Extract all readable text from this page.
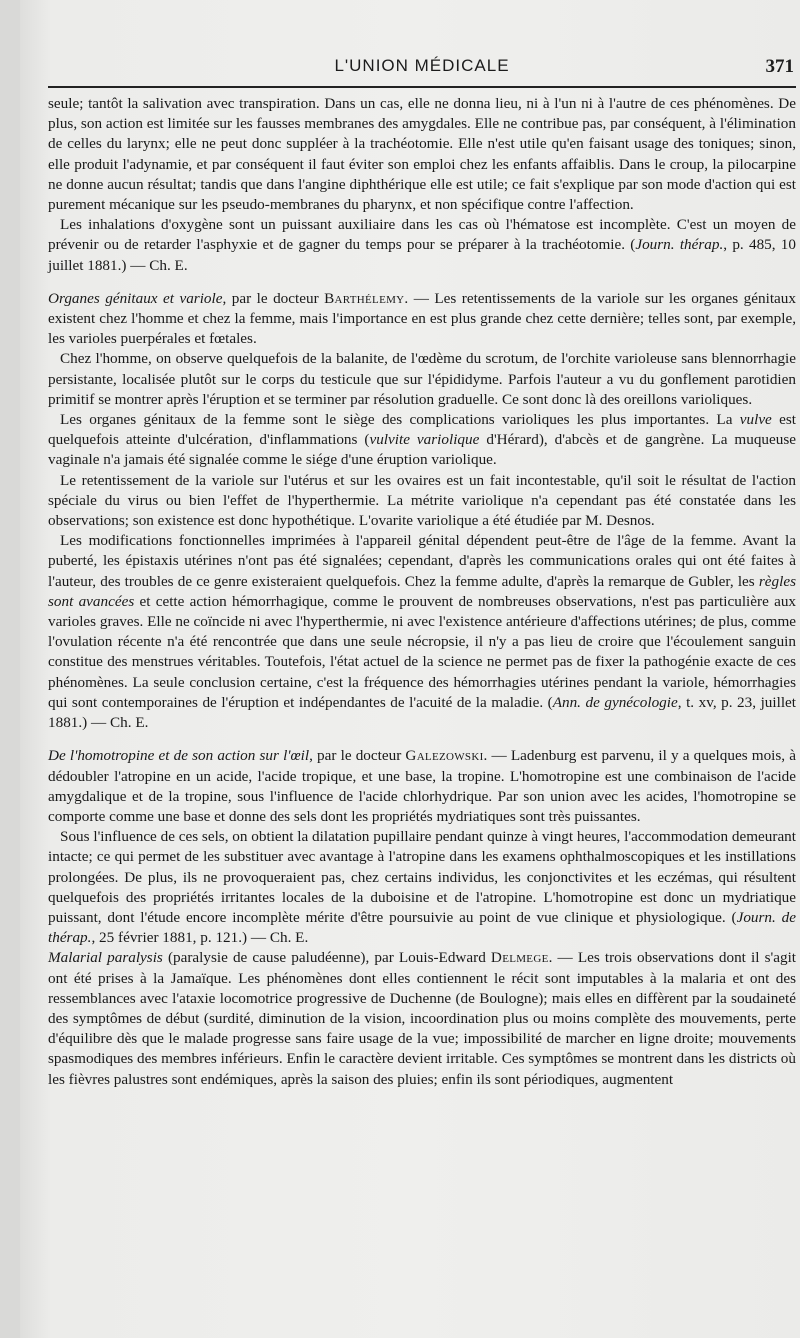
L'UNION MÉDICALE	371

seule; tantôt la salivation avec transpiration. Dans un cas, elle ne donna lieu, ni à l'un ni à l'autre de ces phénomènes. De plus, son action est limitée sur les fausses membranes des amygdales. Elle ne contribue pas, par conséquent, à l'élimination de celles du larynx; elle ne peut donc suppléer à la trachéotomie. Elle n'est utile qu'en faisant usage des toniques; sinon, elle produit l'adynamie, et par conséquent il faut éviter son emploi chez les enfants affaiblis. Dans le croup, la pilocarpine ne donne aucun résultat; tandis que dans l'angine diphthérique elle est utile; ce fait s'explique par son mode d'action qui est purement mécanique sur les pseudo-membranes du pharynx, et non spécifique contre l'affection.

Les inhalations d'oxygène sont un puissant auxiliaire dans les cas où l'hématose est incomplète. C'est un moyen de prévenir ou de retarder l'asphyxie et de gagner du temps pour se préparer à la trachéotomie. (Journ. thérap., p. 485, 10 juillet 1881.) — Ch. E.

Organes génitaux et variole, par le docteur Barthélemy. — Les retentissements de la variole sur les organes génitaux existent chez l'homme et chez la femme, mais l'importance en est plus grande chez cette dernière; telles sont, par exemple, les varioles puerpérales et fœtales.

Chez l'homme, on observe quelquefois de la balanite, de l'œdème du scrotum, de l'orchite varioleuse sans blennorrhagie persistante, localisée plutôt sur le corps du testicule que sur l'épididyme. Parfois l'auteur a vu du gonflement parotidien primitif se montrer après l'éruption et se terminer par résolution graduelle. Ce sont donc là des oreillons varioliques.

Les organes génitaux de la femme sont le siège des complications varioliques les plus importantes. La vulve est quelquefois atteinte d'ulcération, d'inflammations (vulvite variolique d'Hérard), d'abcès et de gangrène. La muqueuse vaginale n'a jamais été signalée comme le siége d'une éruption variolique.

Le retentissement de la variole sur l'utérus et sur les ovaires est un fait incontestable, qu'il soit le résultat de l'action spéciale du virus ou bien l'effet de l'hyperthermie. La métrite variolique n'a cependant pas été constatée dans les observations; son existence est donc hypothétique. L'ovarite variolique a été étudiée par M. Desnos.

Les modifications fonctionnelles imprimées à l'appareil génital dépendent peut-être de l'âge de la femme. Avant la puberté, les épistaxis utérines n'ont pas été signalées; cependant, d'après les communications orales qui ont été faites à l'auteur, des troubles de ce genre existeraient quelquefois. Chez la femme adulte, d'après la remarque de Gubler, les règles sont avancées et cette action hémorrhagique, comme le prouvent de nombreuses observations, n'est pas particulière aux varioles graves. Elle ne coïncide ni avec l'hyperthermie, ni avec l'existence antérieure d'affections utérines; de plus, comme l'ovulation récente n'a été rencontrée que dans une seule nécropsie, il n'y a pas lieu de croire que l'écoulement sanguin constitue des menstrues véritables. Toutefois, l'état actuel de la science ne permet pas de fixer la pathogénie exacte de ces phénomènes. La seule conclusion certaine, c'est la fréquence des hémorrhagies utérines pendant la variole, hémorrhagies qui sont contemporaines de l'éruption et indépendantes de l'acuité de la maladie. (Ann. de gynécologie, t. xv, p. 23, juillet 1881.) — Ch. E.

De l'homotropine et de son action sur l'œil, par le docteur Galezowski. — Ladenburg est parvenu, il y a quelques mois, à dédoubler l'atropine en un acide, l'acide tropique, et une base, la tropine. L'homotropine est une combinaison de l'acide amygdalique et de la tropine, sous l'influence de l'acide chlorhydrique. Par son union avec les acides, l'homotropine se comporte comme une base et donne des sels dont les propriétés mydriatiques sont très puissantes.

Sous l'influence de ces sels, on obtient la dilatation pupillaire pendant quinze à vingt heures, l'accommodation demeurant intacte; ce qui permet de les substituer avec avantage à l'atropine dans les examens ophthalmoscopiques et les instillations prolongées. De plus, ils ne provoqueraient pas, chez certains individus, les conjonctivites et les eczémas, qui résultent quelquefois des propriétés irritantes locales de la duboisine et de l'atropine. L'homotropine est donc un mydriatique puissant, dont l'étude encore incomplète mérite d'être poursuivie au point de vue clinique et physiologique. (Journ. de thérap., 25 février 1881, p. 121.) — Ch. E.

Malarial paralysis (paralysie de cause paludéenne), par Louis-Edward Delmege. — Les trois observations dont il s'agit ont été prises à la Jamaïque. Les phénomènes dont elles contiennent le récit sont imputables à la malaria et ont des ressemblances avec l'ataxie locomotrice progressive de Duchenne (de Boulogne); mais elles en diffèrent par la soudaineté des symptômes de début (surdité, diminution de la vision, incoordination plus ou moins complète des mouvements, perte d'équilibre dès que le malade progresse sans faire usage de la vue; impossibilité de marcher en ligne droite; mouvements spasmodiques des membres inférieurs. Enfin le caractère devient irritable. Ces symptômes se montrent dans les districts où les fièvres palustres sont endémiques, après la saison des pluies; enfin ils sont périodiques, augmentent
